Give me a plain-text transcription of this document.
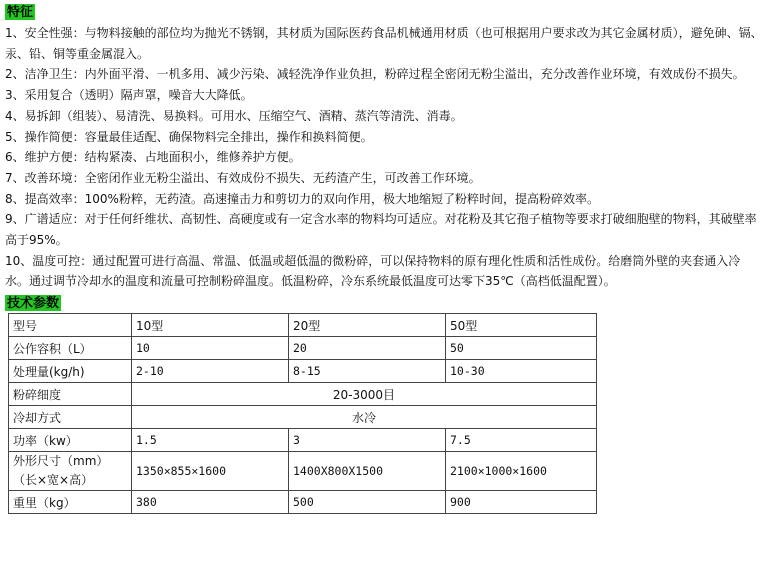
特征
1、安全性强：与物料接触的部位均为抛光不锈钢，其材质为国际医药食品机械通用材质（也可根据用户要求改为其它金属材质），避免砷、镉、汞、铅、铜等重金属混入。
2、洁净卫生：内外面平滑、一机多用、减少污染、减轻洗净作业负担，粉碎过程全密闭无粉尘溢出，充分改善作业环境，有效成份不损失。
3、采用复合（透明）隔声罩，噪音大大降低。
4、易拆卸（组装）、易清洗、易换料。可用水、压缩空气、酒精、蒸汽等清洗、消毒。
5、操作简便：容量最佳适配、确保物料完全排出，操作和换料简便。
6、维护方便：结构紧凑、占地面积小，维修养护方便。
7、改善环境：全密闭作业无粉尘溢出、有效成份不损失、无药渣产生，可改善工作环境。
8、提高效率：100%粉粹，无药渣。高速撞击力和剪切力的双向作用，极大地缩短了粉粹时间，提高粉碎效率。
9、广谱适应：对于任何纤维状、高韧性、高硬度或有一定含水率的物料均可适应。对花粉及其它孢子植物等要求打破细胞壁的物料，其破壁率高于95%。
10、温度可控：通过配置可进行高温、常温、低温或超低温的微粉碎，可以保持物料的原有理化性质和活性成份。给磨筒外壁的夹套通入冷水。通过调节冷却水的温度和流量可控制粉碎温度。低温粉碎，冷东系统最低温度可达零下35℃（高档低温配置）。
技术参数
型号	10型	20型	50型
公作容积（L）	10	20	50
处理量(kg/h)	2-10	8-15	10-30
粉碎细度	20-3000目		
冷却方式	水冷		
功率（kw）	1.5	3	7.5

外形尺寸（mm）
（长×宽×高）	1350×855×1600	1400X800X1500	2100×1000×1600
重里（kg）	380	500	900
